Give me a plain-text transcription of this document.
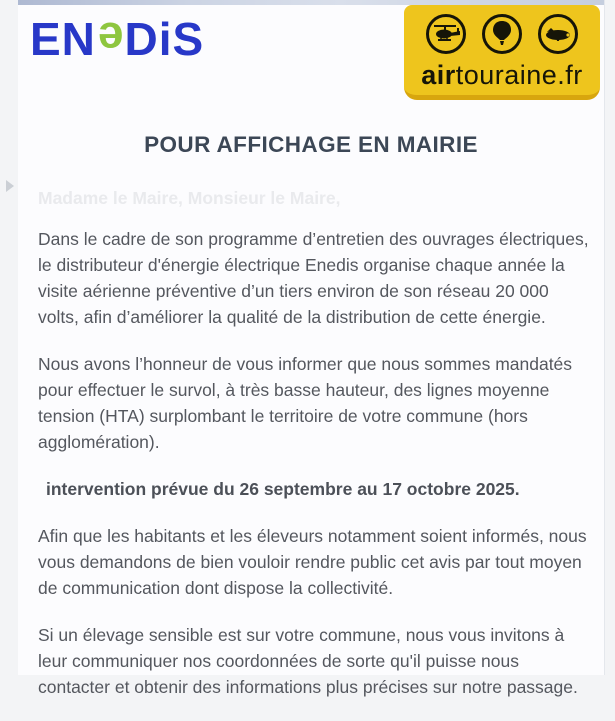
EN e DiS
airtouraine.fr
POUR AFFICHAGE EN MAIRIE
Madame le Maire, Monsieur le Maire,

Dans le cadre de son programme d’entretien des ouvrages électriques, le distributeur d'énergie électrique Enedis organise chaque année la visite aérienne préventive d’un tiers environ de son réseau 20 000 volts, afin d’améliorer la qualité de la distribution de cette énergie.

Nous avons l’honneur de vous informer que nous sommes mandatés pour effectuer le survol, à très basse hauteur, des lignes moyenne tension (HTA) surplombant le territoire de votre commune (hors agglomération).

intervention prévue du 26 septembre au 17 octobre 2025.

Afin que les habitants et les éleveurs notamment soient informés, nous vous demandons de bien vouloir rendre public cet avis par tout moyen de communication dont dispose la collectivité.

Si un élevage sensible est sur votre commune, nous vous invitons à leur communiquer nos coordonnées de sorte qu'il puisse nous contacter et obtenir des informations plus précises sur notre passage.
